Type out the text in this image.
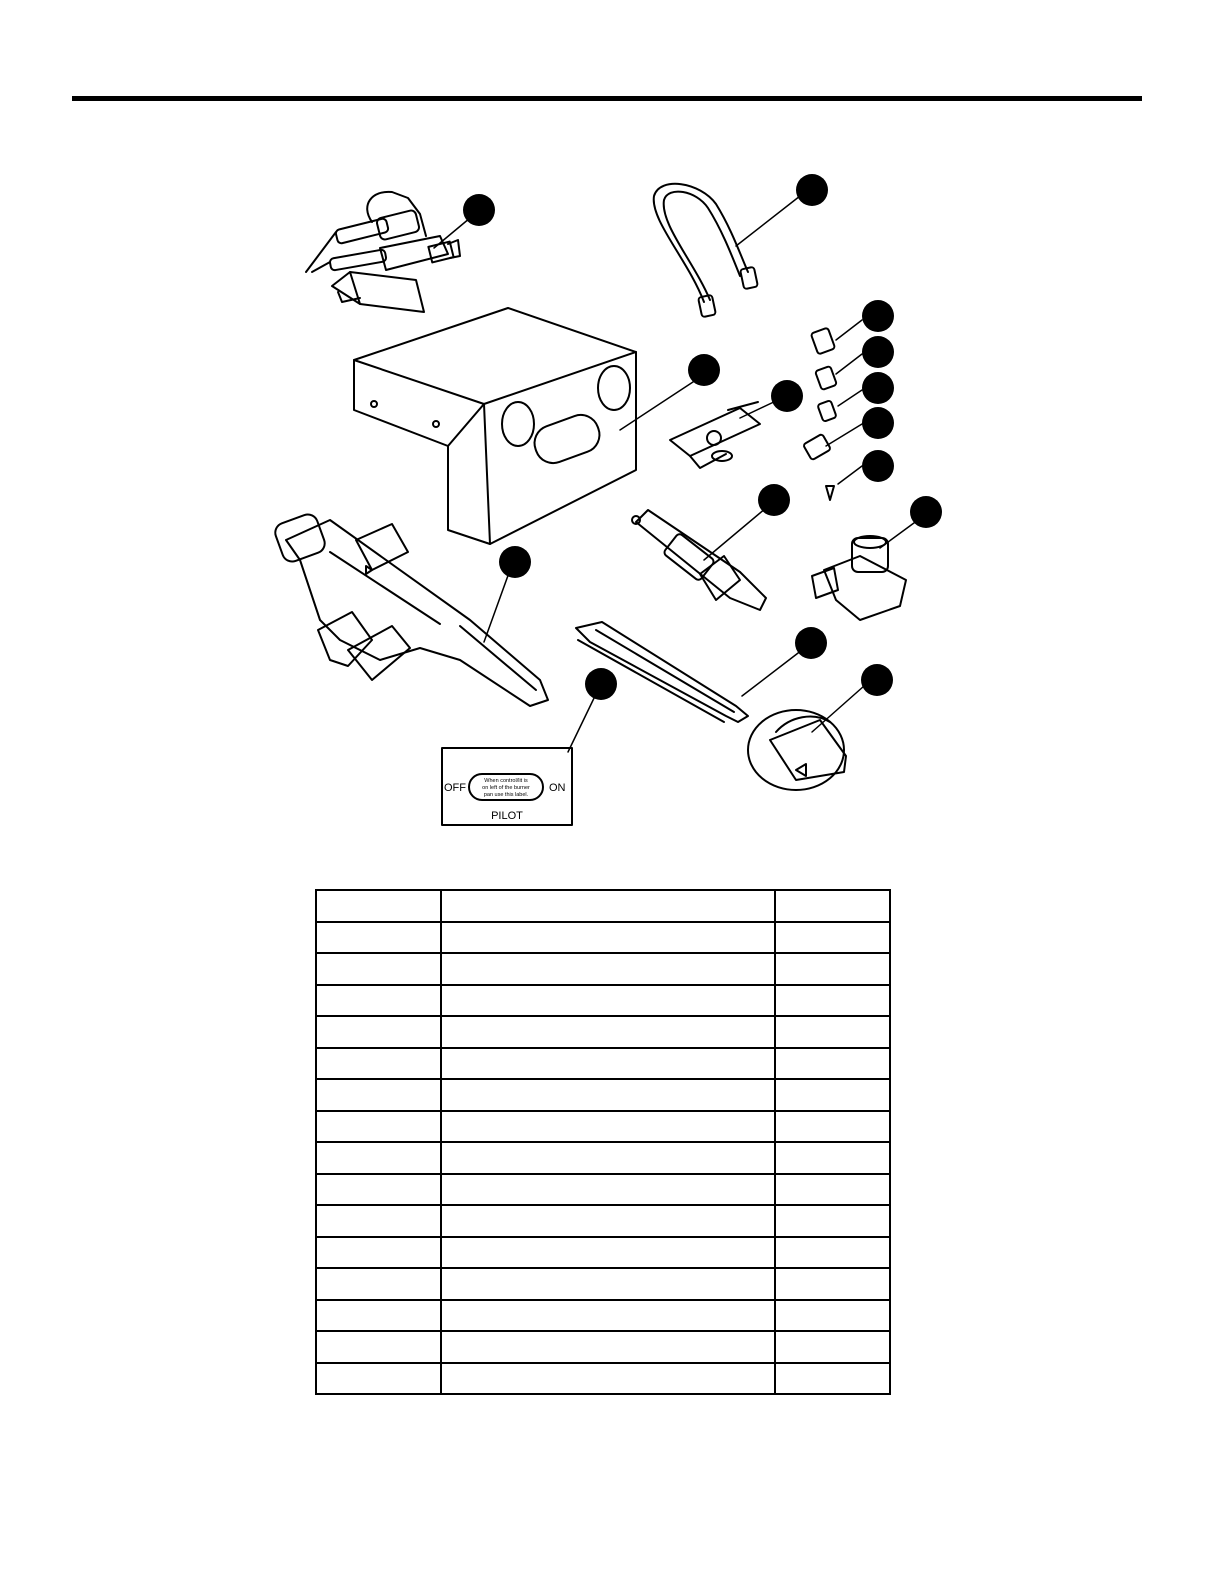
OFF	ON
When control/lit is
on left of the burner
pan use this label.
PILOT
